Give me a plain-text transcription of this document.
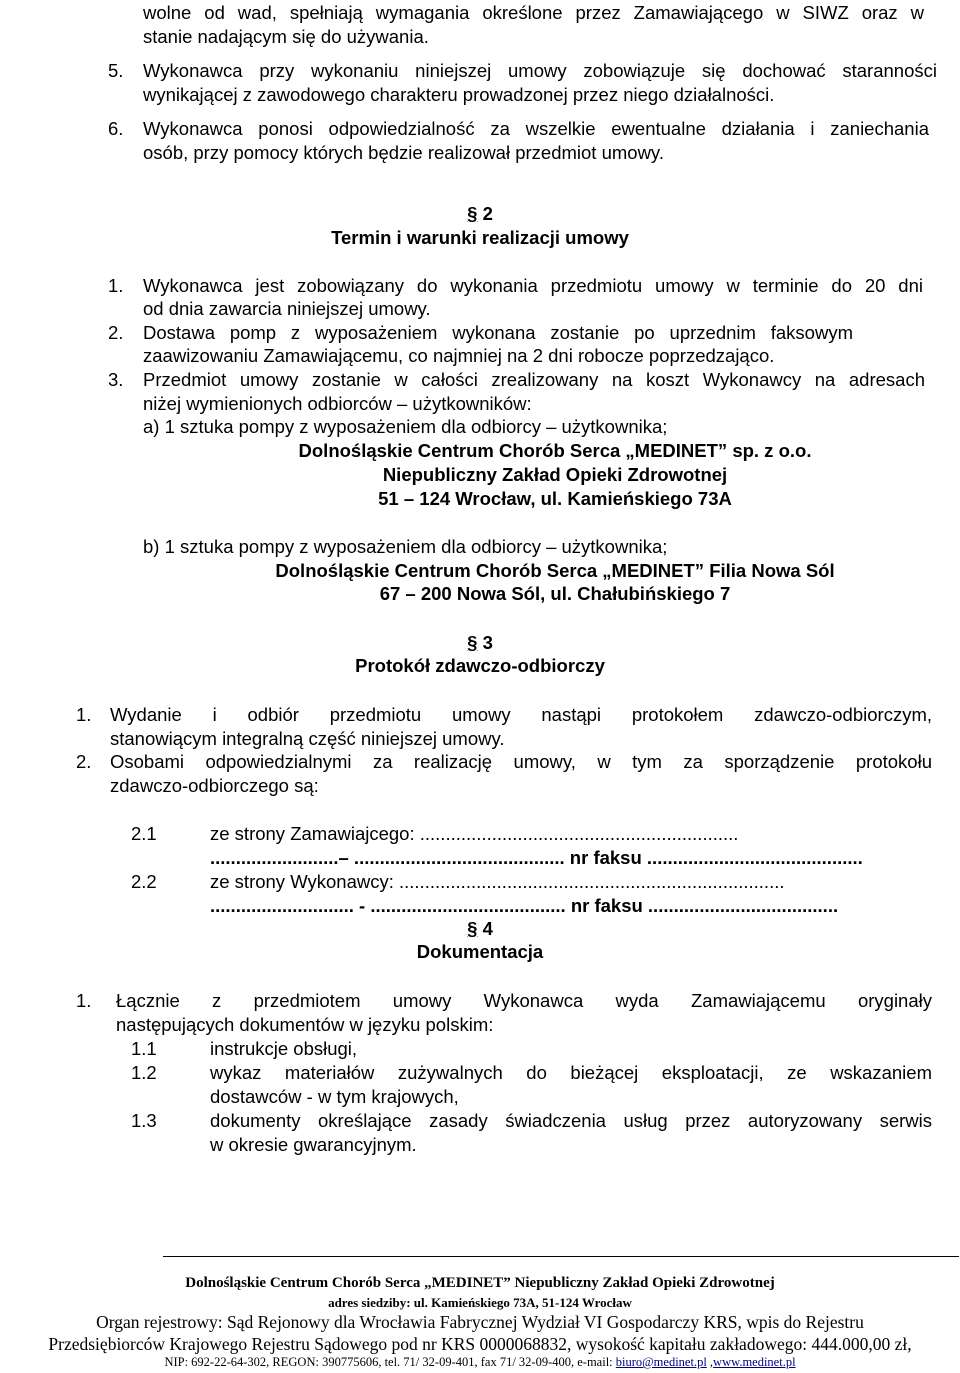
wolne od wad, spełniają wymagania określone przez Zamawiającego w SIWZ oraz w
stanie nadającym się do używania.
5. Wykonawca przy wykonaniu niniejszej umowy zobowiązuje się dochować staranności
wynikającej z zawodowego charakteru prowadzonej przez niego działalności.
6. Wykonawca ponosi odpowiedzialność za wszelkie ewentualne działania i zaniechania
osób, przy pomocy których będzie realizował przedmiot umowy.
§ 2
Termin i warunki realizacji umowy
1. Wykonawca jest zobowiązany do wykonania przedmiotu umowy w terminie do 20 dni
od dnia zawarcia niniejszej umowy.
2. Dostawa pomp z wyposażeniem wykonana zostanie po uprzednim faksowym
zaawizowaniu Zamawiającemu, co najmniej na 2 dni robocze poprzedzająco.
3. Przedmiot umowy zostanie w całości zrealizowany na koszt Wykonawcy na adresach
niżej wymienionych odbiorców – użytkowników:
a) 1 sztuka pompy z wyposażeniem dla odbiorcy – użytkownika;
Dolnośląskie Centrum Chorób Serca „MEDINET” sp. z o.o.
Niepubliczny Zakład Opieki Zdrowotnej
51 – 124 Wrocław, ul. Kamieńskiego 73A
b) 1 sztuka pompy z wyposażeniem dla odbiorcy – użytkownika;
Dolnośląskie Centrum Chorób Serca „MEDINET” Filia Nowa Sól
67 – 200 Nowa Sól, ul. Chałubińskiego 7
§ 3
Protokół zdawczo-odbiorczy
1. Wydanie i odbiór przedmiotu umowy nastąpi protokołem zdawczo-odbiorczym,
stanowiącym integralną część niniejszej umowy.
2. Osobami odpowiedzialnymi za realizację umowy, w tym za sporządzenie protokołu
zdawczo-odbiorczego są:
2.1	ze strony Zamawiajcego: ..............................................................
.........................– ......................................... nr faksu ..........................................
2.2	ze strony Wykonawcy: ...........................................................................
............................ - ...................................... nr faksu .....................................
§ 4
Dokumentacja
1. Łącznie z przedmiotem umowy Wykonawca wyda Zamawiającemu oryginały
następujących dokumentów w języku polskim:
1.1	instrukcje obsługi,
1.2	wykaz materiałów zużywalnych do bieżącej eksploatacji, ze wskazaniem
dostawców - w tym krajowych,
1.3	dokumenty określające zasady świadczenia usług przez autoryzowany serwis
w okresie gwarancyjnym.
Dolnośląskie Centrum Chorób Serca „MEDINET” Niepubliczny Zakład Opieki Zdrowotnej
adres siedziby: ul. Kamieńskiego 73A, 51-124 Wrocław
Organ rejestrowy: Sąd Rejonowy dla Wrocławia Fabrycznej Wydział VI Gospodarczy KRS, wpis do Rejestru
Przedsiębiorców Krajowego Rejestru Sądowego pod nr KRS 0000068832, wysokość kapitału zakładowego: 444.000,00 zł,
NIP: 692-22-64-302, REGON: 390775606, tel. 71/ 32-09-401, fax 71/ 32-09-400, e-mail: biuro@medinet.pl ,www.medinet.pl
